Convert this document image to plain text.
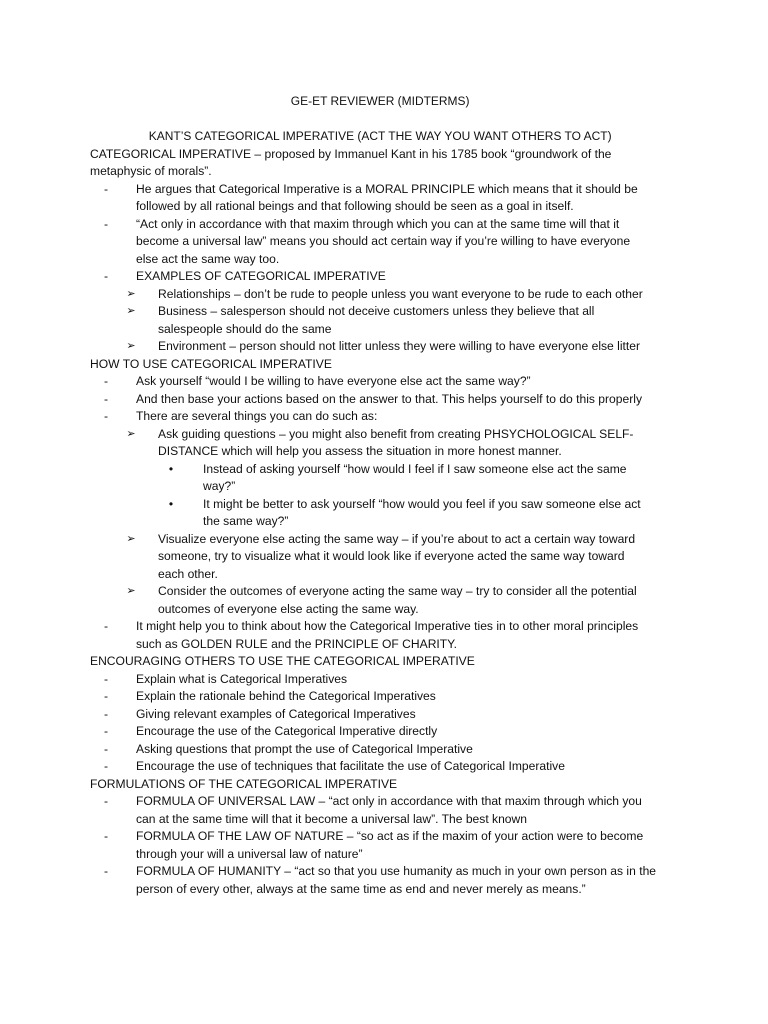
GE-ET REVIEWER (MIDTERMS)
KANT’S CATEGORICAL IMPERATIVE (ACT THE WAY YOU WANT OTHERS TO ACT)
CATEGORICAL IMPERATIVE – proposed by Immanuel Kant in his 1785 book “groundwork of the
metaphysic of morals”.
-	He argues that Categorical Imperative is a MORAL PRINCIPLE which means that it should be
followed by all rational beings and that following should be seen as a goal in itself.
-	“Act only in accordance with that maxim through which you can at the same time will that it
become a universal law” means you should act certain way if you’re willing to have everyone
else act the same way too.
-	EXAMPLES OF CATEGORICAL IMPERATIVE
➢	Relationships – don’t be rude to people unless you want everyone to be rude to each other
➢	Business – salesperson should not deceive customers unless they believe that all
salespeople should do the same
➢	Environment – person should not litter unless they were willing to have everyone else litter
HOW TO USE CATEGORICAL IMPERATIVE
-	Ask yourself “would I be willing to have everyone else act the same way?”
-	And then base your actions based on the answer to that. This helps yourself to do this properly
-	There are several things you can do such as:
➢	Ask guiding questions – you might also benefit from creating PHSYCHOLOGICAL SELF-
DISTANCE which will help you assess the situation in more honest manner.
•	Instead of asking yourself “how would I feel if I saw someone else act the same
way?”
•	It might be better to ask yourself “how would you feel if you saw someone else act
the same way?”
➢	Visualize everyone else acting the same way – if you’re about to act a certain way toward
someone, try to visualize what it would look like if everyone acted the same way toward
each other.
➢	Consider the outcomes of everyone acting the same way – try to consider all the potential
outcomes of everyone else acting the same way.
-	It might help you to think about how the Categorical Imperative ties in to other moral principles
such as GOLDEN RULE and the PRINCIPLE OF CHARITY.
ENCOURAGING OTHERS TO USE THE CATEGORICAL IMPERATIVE
-	Explain what is Categorical Imperatives
-	Explain the rationale behind the Categorical Imperatives
-	Giving relevant examples of Categorical Imperatives
-	Encourage the use of the Categorical Imperative directly
-	Asking questions that prompt the use of Categorical Imperative
-	Encourage the use of techniques that facilitate the use of Categorical Imperative
FORMULATIONS OF THE CATEGORICAL IMPERATIVE
-	FORMULA OF UNIVERSAL LAW – “act only in accordance with that maxim through which you
can at the same time will that it become a universal law”. The best known
-	FORMULA OF THE LAW OF NATURE – “so act as if the maxim of your action were to become
through your will a universal law of nature”
-	FORMULA OF HUMANITY – “act so that you use humanity as much in your own person as in the
person of every other, always at the same time as end and never merely as means.”
